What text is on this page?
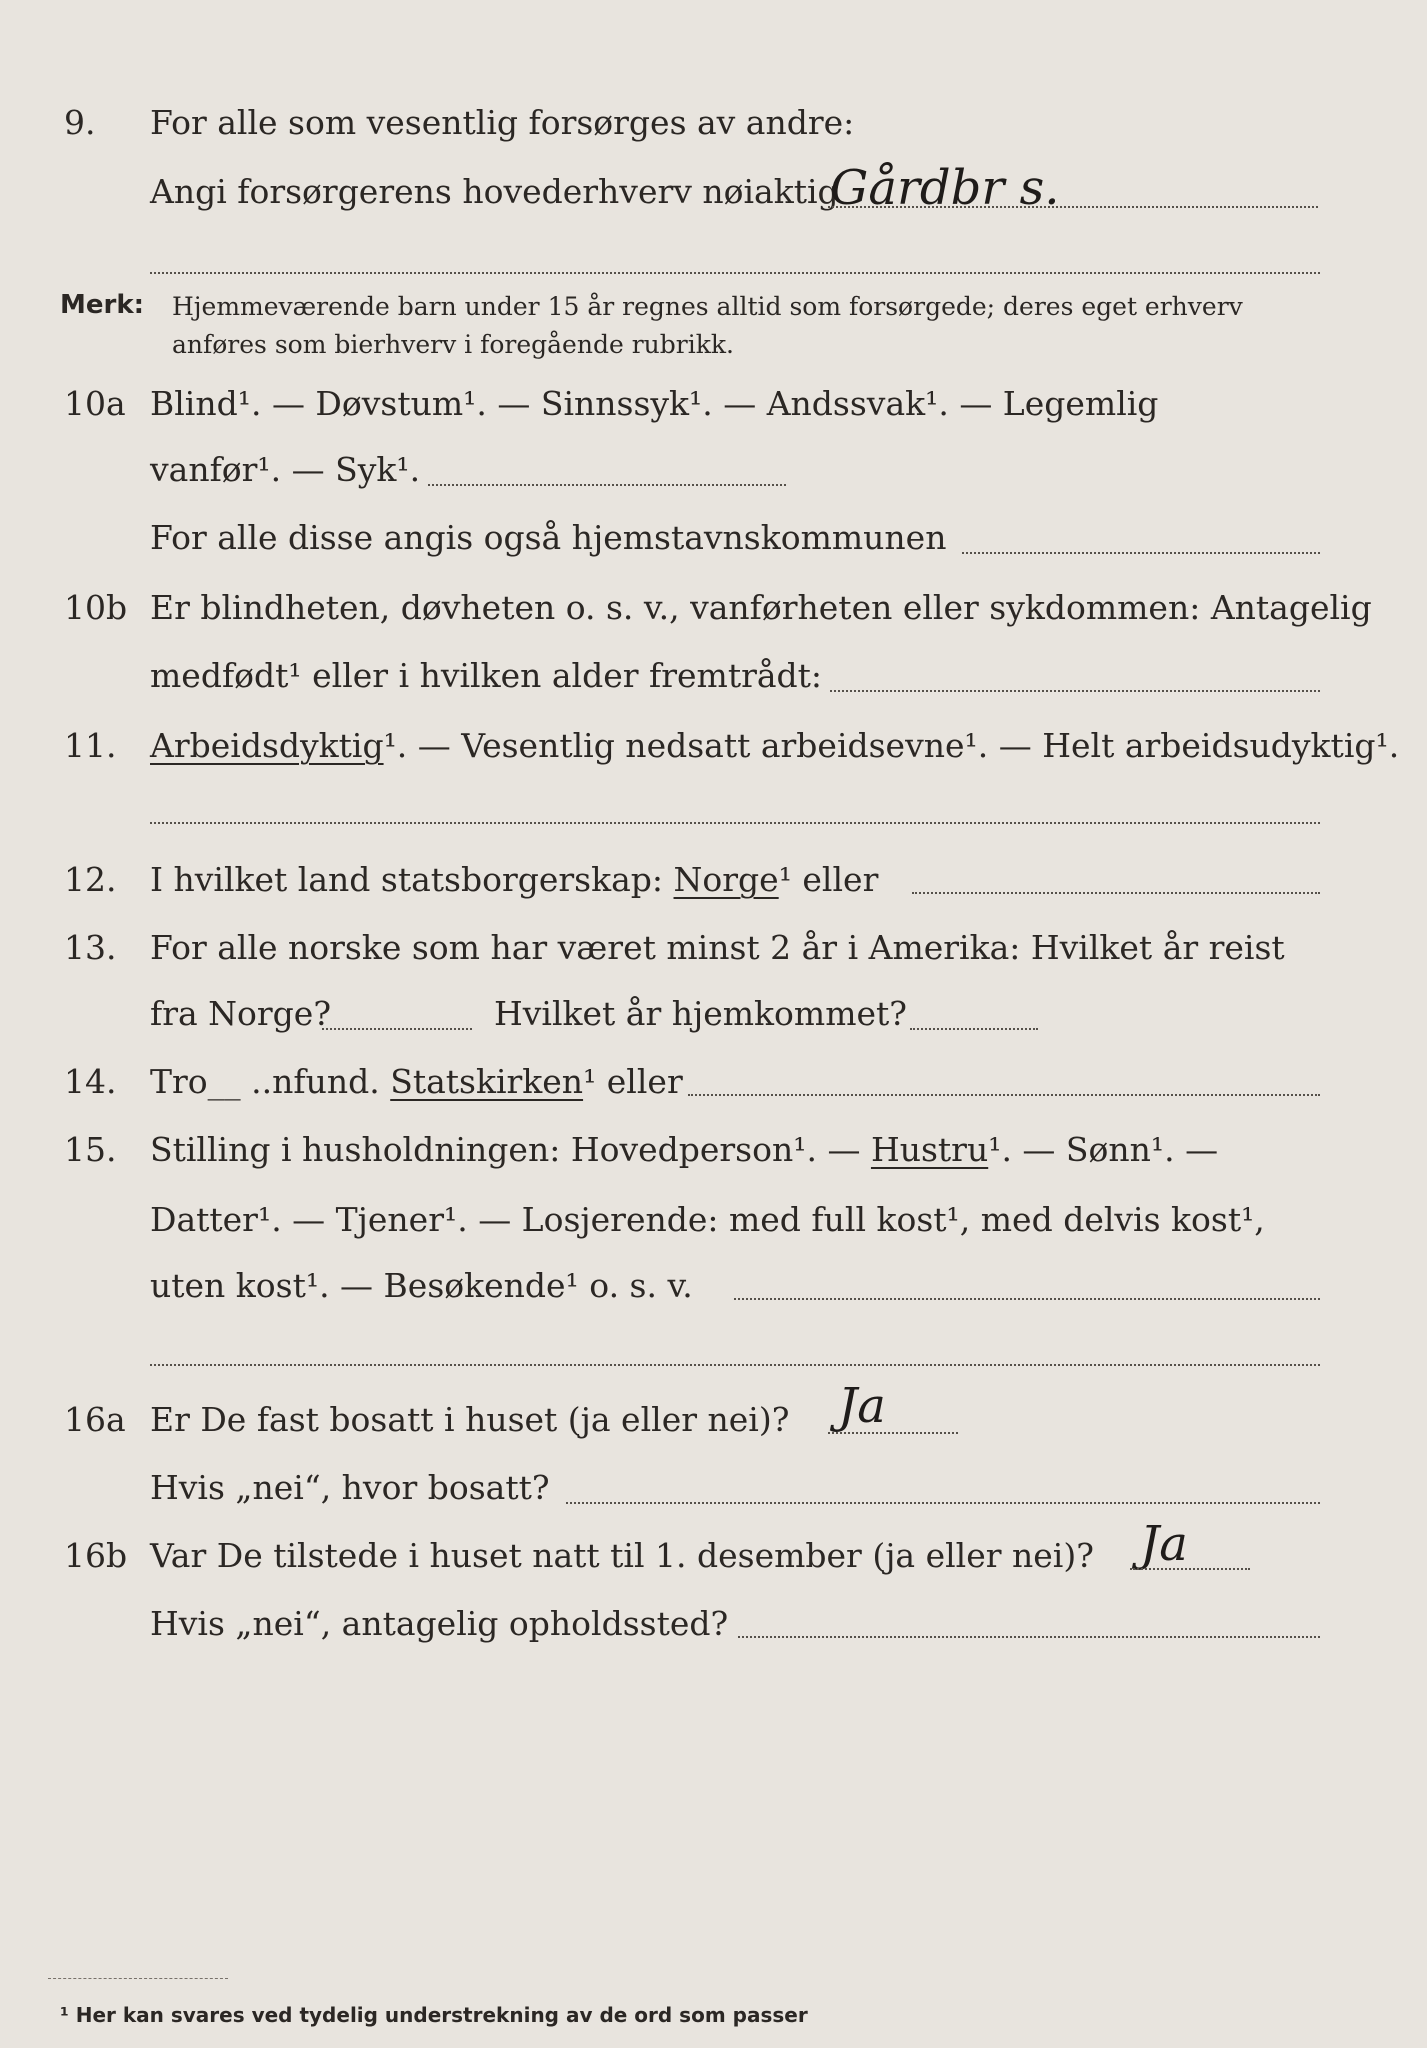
9. For alle som vesentlig forsørges av andre:
Angi forsørgerens hovederhverv nøiaktig
Gårdbr s.
Merk: Hjemmeværende barn under 15 år regnes alltid som forsørgede; deres eget erhverv
anføres som bierhverv i foregående rubrikk.
10a Blind¹. — Døvstum¹. — Sinnssyk¹. — Andssvak¹. — Legemlig
vanfør¹. — Syk¹.
For alle disse angis også hjemstavnskommunen
10b Er blindheten, døvheten o. s. v., vanførheten eller sykdommen: Antagelig
medfødt¹ eller i hvilken alder fremtrådt:
11. Arbeidsdyktig¹. — Vesentlig nedsatt arbeidsevne¹. — Helt arbeidsudyktig¹.
12. I hvilket land statsborgerskap: Norge¹ eller
13. For alle norske som har været minst 2 år i Amerika: Hvilket år reist
fra Norge?	Hvilket år hjemkommet?
14. Tro__ ..nfund. Statskirken¹ eller
15. Stilling i husholdningen: Hovedperson¹. — Hustru¹. — Sønn¹. —
Datter¹. — Tjener¹. — Losjerende: med full kost¹, med delvis kost¹,
uten kost¹. — Besøkende¹ o. s. v.
16a Er De fast bosatt i huset (ja eller nei)? Ja
Hvis „nei“, hvor bosatt?
16b Var De tilstede i huset natt til 1. desember (ja eller nei)? Ja
Hvis „nei“, antagelig opholdssted?
¹ Her kan svares ved tydelig understrekning av de ord som passer
